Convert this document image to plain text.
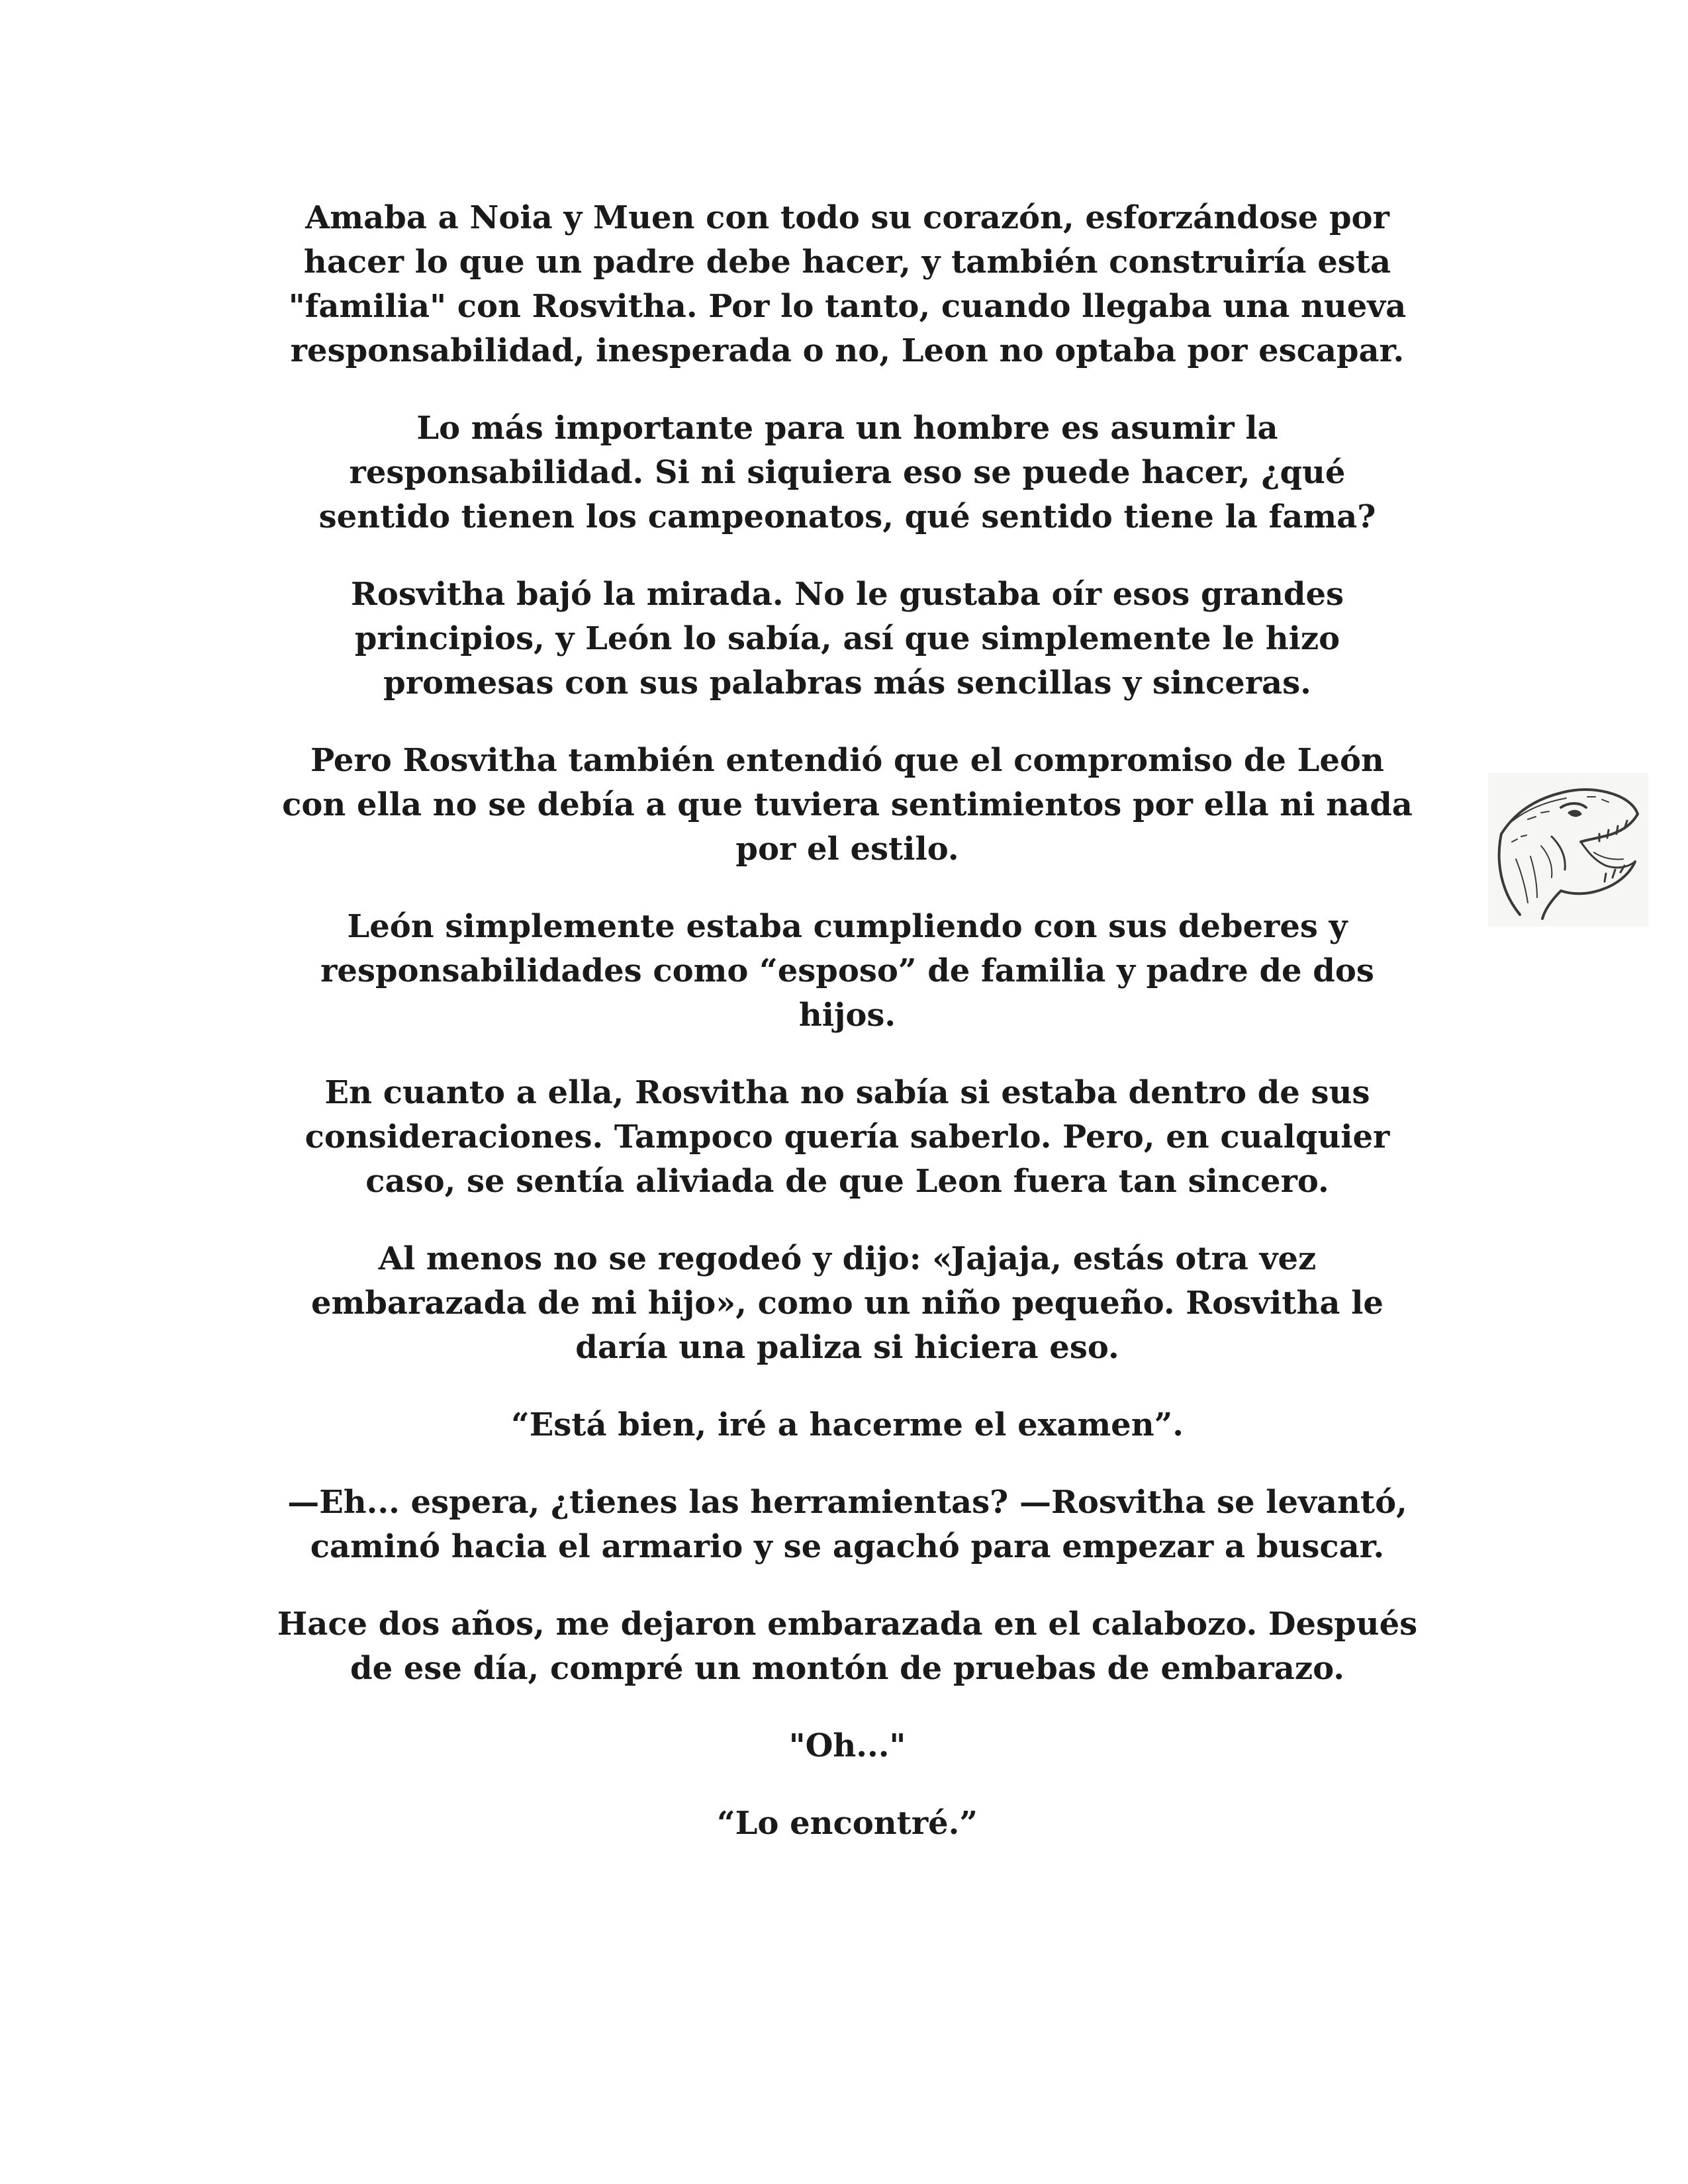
Amaba a Noia y Muen con todo su corazón, esforzándose por
hacer lo que un padre debe hacer, y también construiría esta
"familia" con Rosvitha. Por lo tanto, cuando llegaba una nueva
responsabilidad, inesperada o no, Leon no optaba por escapar.
Lo más importante para un hombre es asumir la
responsabilidad. Si ni siquiera eso se puede hacer, ¿qué
sentido tienen los campeonatos, qué sentido tiene la fama?
Rosvitha bajó la mirada. No le gustaba oír esos grandes
principios, y León lo sabía, así que simplemente le hizo
promesas con sus palabras más sencillas y sinceras.
Pero Rosvitha también entendió que el compromiso de León
con ella no se debía a que tuviera sentimientos por ella ni nada
por el estilo.
León simplemente estaba cumpliendo con sus deberes y
responsabilidades como “esposo” de familia y padre de dos
hijos.
En cuanto a ella, Rosvitha no sabía si estaba dentro de sus
consideraciones. Tampoco quería saberlo. Pero, en cualquier
caso, se sentía aliviada de que Leon fuera tan sincero.
Al menos no se regodeó y dijo: «Jajaja, estás otra vez
embarazada de mi hijo», como un niño pequeño. Rosvitha le
daría una paliza si hiciera eso.
“Está bien, iré a hacerme el examen”.
—Eh... espera, ¿tienes las herramientas? —Rosvitha se levantó,
caminó hacia el armario y se agachó para empezar a buscar.
Hace dos años, me dejaron embarazada en el calabozo. Después
de ese día, compré un montón de pruebas de embarazo.
"Oh..."
“Lo encontré.”
